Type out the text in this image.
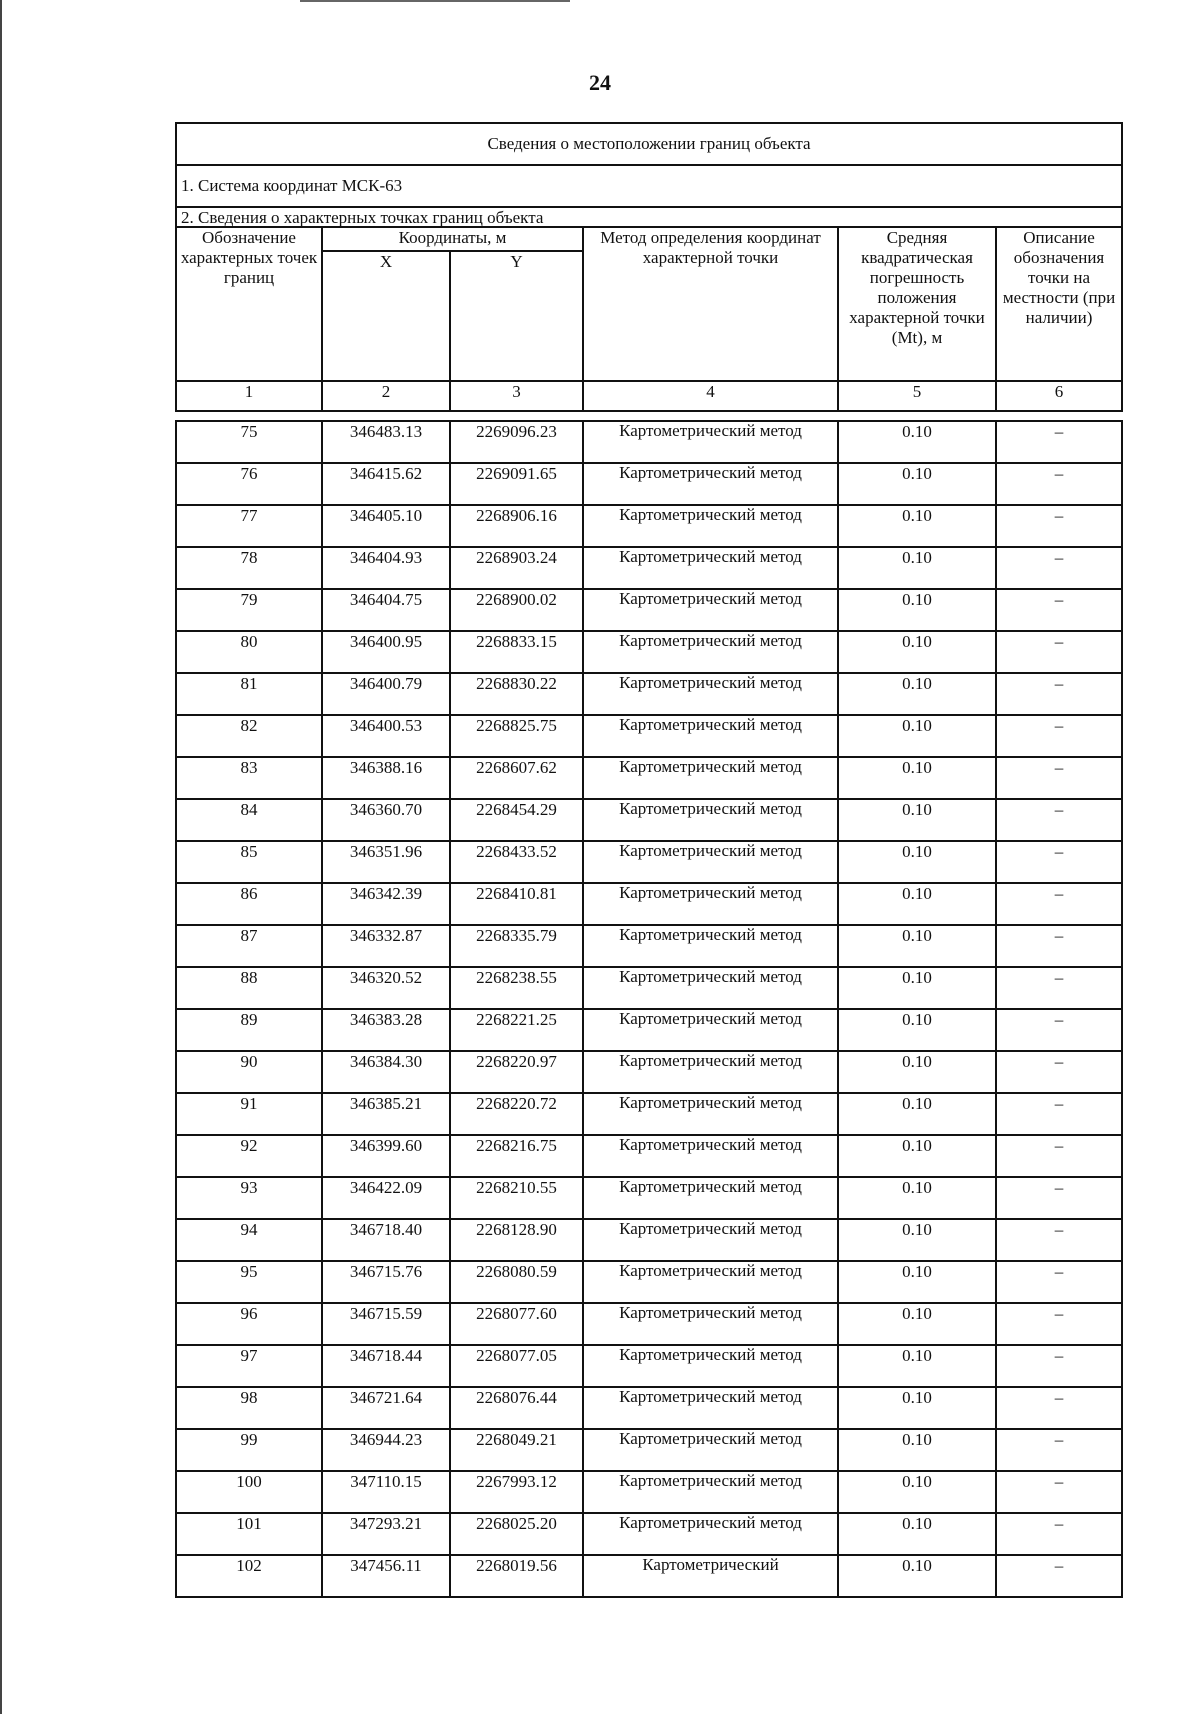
24
Сведения о местоположении границ объекта					
1. Система координат МСК-63					
2. Сведения о характерных точках границ объекта					
Обозначение характерных точек границ	Координаты, м		Метод определения координат характерной точки	Средняя квадратическая погрешность положения характерной точки (Mt), м	Описание обозначения точки на местности (при наличии)
	X	Y			
1	2	3	4	5	6

75	346483.13	2269096.23	Картометрический метод	0.10	–
76	346415.62	2269091.65	Картометрический метод	0.10	–
77	346405.10	2268906.16	Картометрический метод	0.10	–
78	346404.93	2268903.24	Картометрический метод	0.10	–
79	346404.75	2268900.02	Картометрический метод	0.10	–
80	346400.95	2268833.15	Картометрический метод	0.10	–
81	346400.79	2268830.22	Картометрический метод	0.10	–
82	346400.53	2268825.75	Картометрический метод	0.10	–
83	346388.16	2268607.62	Картометрический метод	0.10	–
84	346360.70	2268454.29	Картометрический метод	0.10	–
85	346351.96	2268433.52	Картометрический метод	0.10	–
86	346342.39	2268410.81	Картометрический метод	0.10	–
87	346332.87	2268335.79	Картометрический метод	0.10	–
88	346320.52	2268238.55	Картометрический метод	0.10	–
89	346383.28	2268221.25	Картометрический метод	0.10	–
90	346384.30	2268220.97	Картометрический метод	0.10	–
91	346385.21	2268220.72	Картометрический метод	0.10	–
92	346399.60	2268216.75	Картометрический метод	0.10	–
93	346422.09	2268210.55	Картометрический метод	0.10	–
94	346718.40	2268128.90	Картометрический метод	0.10	–
95	346715.76	2268080.59	Картометрический метод	0.10	–
96	346715.59	2268077.60	Картометрический метод	0.10	–
97	346718.44	2268077.05	Картометрический метод	0.10	–
98	346721.64	2268076.44	Картометрический метод	0.10	–
99	346944.23	2268049.21	Картометрический метод	0.10	–
100	347110.15	2267993.12	Картометрический метод	0.10	–
101	347293.21	2268025.20	Картометрический метод	0.10	–
102	347456.11	2268019.56	Картометрический	0.10	–
